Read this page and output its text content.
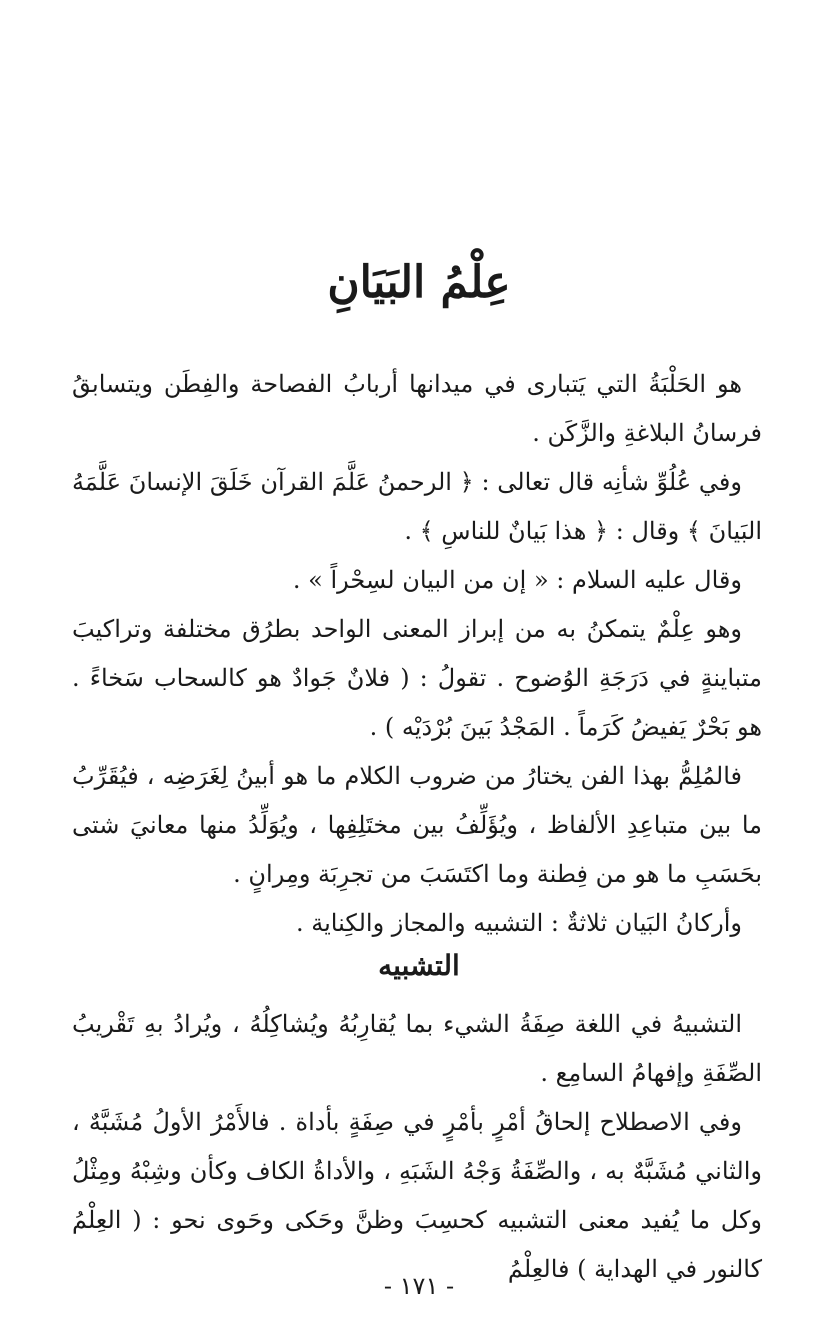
عِلْمُ البَيَانِ

هو الحَلْبَةُ التي يَتبارى في ميدانها أربابُ الفصاحة والفِطَن ويتسابقُ فرسانُ البلاغةِ والزَّكَن .

وفي عُلُوِّ شأنِه قال تعالى : ﴿ الرحمنُ عَلَّمَ القرآن خَلَقَ الإنسانَ عَلَّمَهُ البَيانَ ﴾ وقال : ﴿ هذا بَيانٌ للناسِ ﴾ .

وقال عليه السلام : « إن من البيان لسِحْراً » .

وهو عِلْمٌ يتمكنُ به من إبراز المعنى الواحد بطرُق مختلفة وتراكيبَ متباينةٍ في دَرَجَةِ الوُضوح . تقولُ : ( فلانٌ جَوادٌ هو كالسحاب سَخاءً . هو بَحْرٌ يَفيضُ كَرَماً . المَجْدُ بَينَ بُرْدَيْه ) .

فالمُلِمُّ بهذا الفن يختارُ من ضروب الكلام ما هو أبينُ لِغَرَضِه ، فيُقَرِّبُ ما بين متباعِدِ الألفاظ ، ويُؤَلِّفُ بين مختَلِفِها ، ويُوَلِّدُ منها معانيَ شتى بحَسَبِ ما هو من فِطنة وما اكتَسَبَ من تجرِبَة ومِرانٍ .

وأركانُ البَيان ثلاثةٌ : التشبيه والمجاز والكِناية .

التشبيه

التشبيهُ في اللغة صِفَةُ الشيء بما يُقارِبُهُ ويُشاكِلُهُ ، ويُرادُ بهِ تَقْريبُ الصِّفَةِ وإفهامُ السامِع .

وفي الاصطلاح إلحاقُ أمْرٍ بأمْرٍ في صِفَةٍ بأداة . فالأَمْرُ الأولُ مُشَبَّهٌ ، والثاني مُشَبَّهٌ به ، والصِّفَةُ وَجْهُ الشَبَهِ ، والأداةُ الكاف وكأن وشِبْهُ ومِثْلُ وكل ما يُفيد معنى التشبيه كحسِبَ وظنَّ وحَكى وحَوى نحو : ( العِلْمُ كالنور في الهداية ) فالعِلْمُ

- ١٧١ -
